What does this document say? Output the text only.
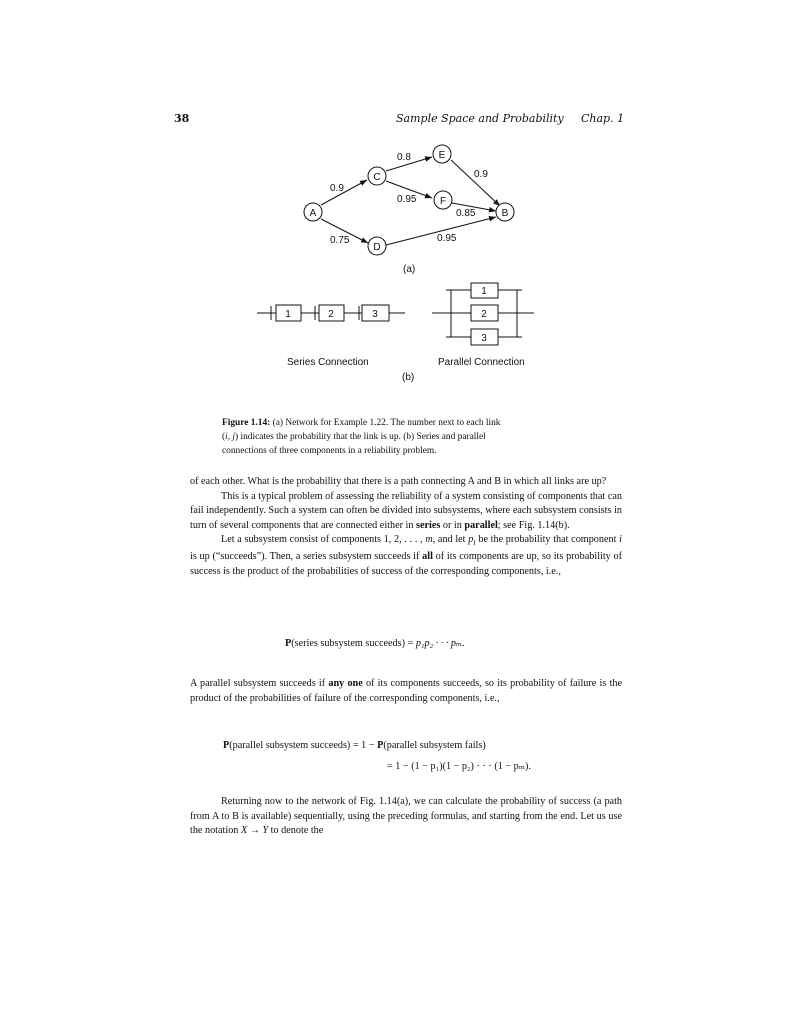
38	Sample Space and Probability Chap. 1
A	B
C
D
E
F
0.9
0.75
0.8
0.95
0.9
0.85
0.95
(a)
1	2	3
Series Connection
1
2
3
Parallel Connection
(b)
Figure 1.14: (a) Network for Example 1.22. The number next to each link
(i, j) indicates the probability that the link is up. (b) Series and parallel
connections of three components in a reliability problem.

of each other. What is the probability that there is a path connecting A and B in which all links are up?

This is a typical problem of assessing the reliability of a system consisting of components that can fail independently. Such a system can often be divided into subsystems, where each subsystem consists in turn of several components that are connected either in series or in parallel; see Fig. 1.14(b).

Let a subsystem consist of components 1, 2, . . . , m, and let $p_i$ be the probability that component i is up (“succeeds”). Then, a series subsystem succeeds if all of its components are up, so its probability of success is the product of the probabilities of success of the corresponding components, i.e.,

P(series subsystem succeeds) = p₁p₂ · · · pₘ.

A parallel subsystem succeeds if any one of its components succeeds, so its probability of failure is the product of the probabilities of failure of the corresponding components, i.e.,

P(parallel subsystem succeeds) = 1 − P(parallel subsystem fails)
= 1 − (1 − p₁)(1 − p₂) · · · (1 − pₘ).

Returning now to the network of Fig. 1.14(a), we can calculate the probability of success (a path from A to B is available) sequentially, using the preceding formulas, and starting from the end. Let us use the notation X → Y to denote the
